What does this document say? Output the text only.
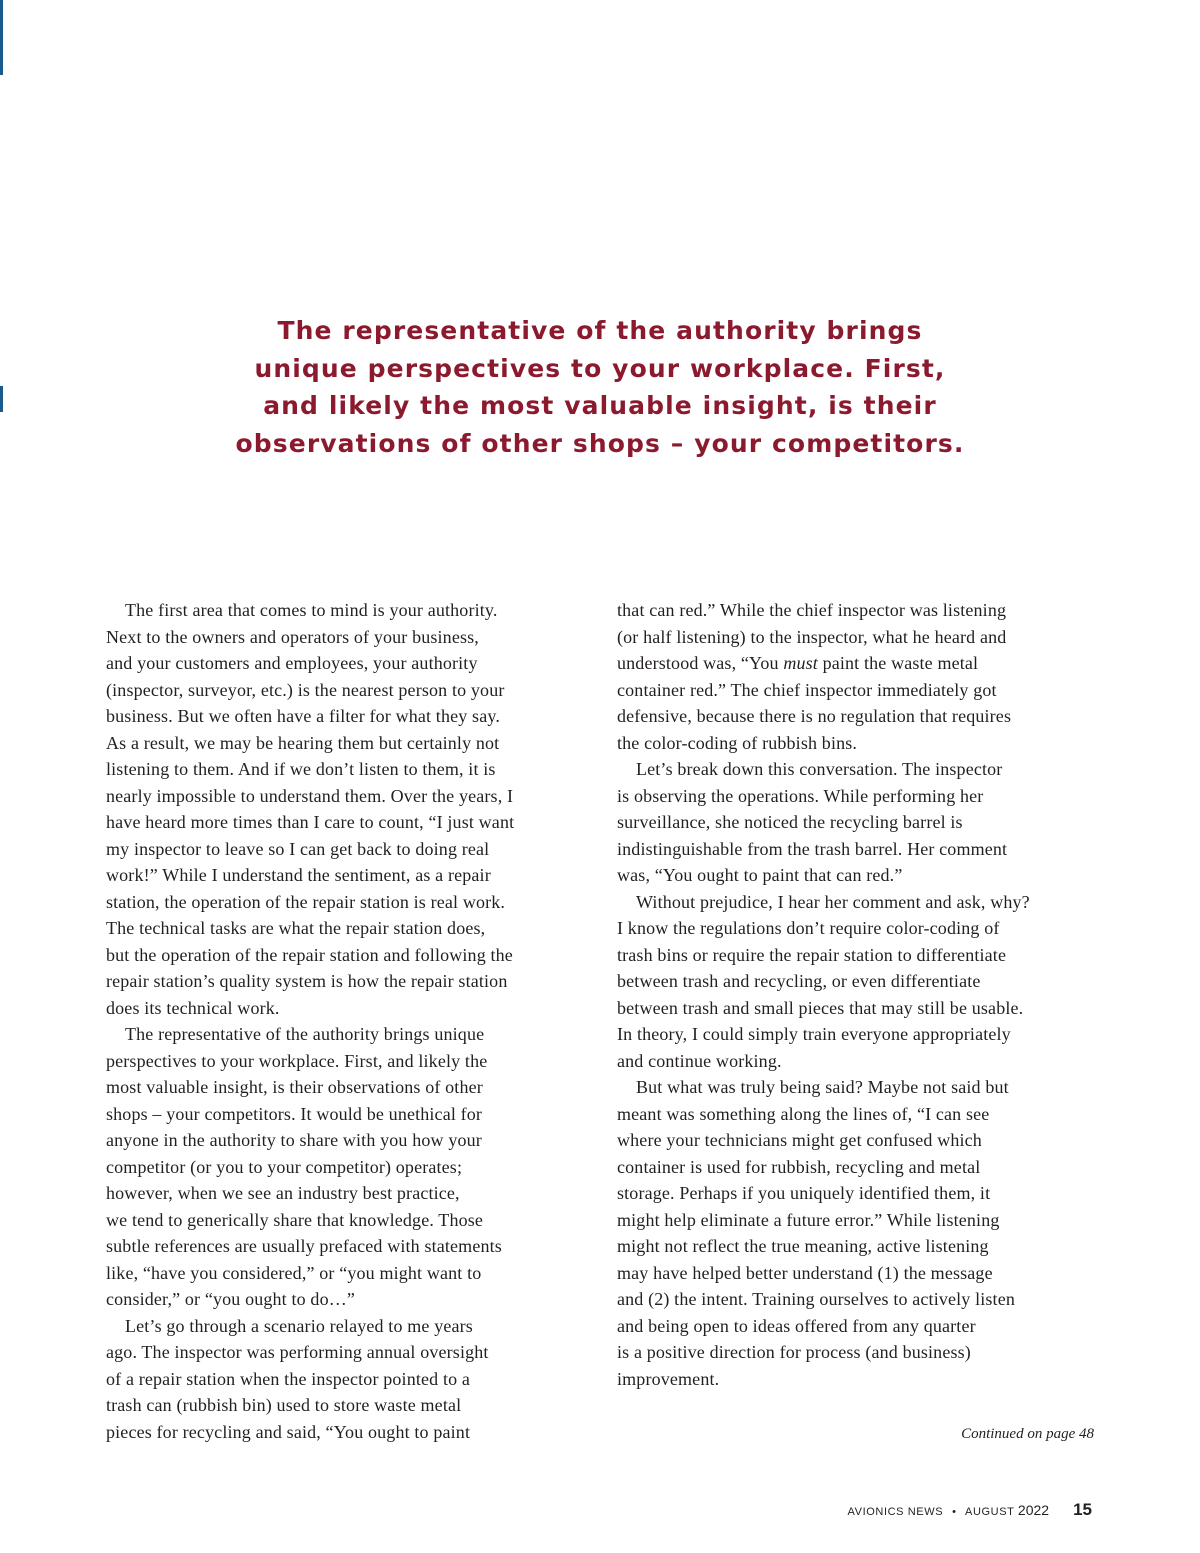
The representative of the authority brings
unique perspectives to your workplace. First,
and likely the most valuable insight, is their
observations of other shops – your competitors.

The first area that comes to mind is your authority.
Next to the owners and operators of your business,
and your customers and employees, your authority
(inspector, surveyor, etc.) is the nearest person to your
business. But we often have a filter for what they say.
As a result, we may be hearing them but certainly not
listening to them. And if we don’t listen to them, it is
nearly impossible to understand them. Over the years, I
have heard more times than I care to count, “I just want
my inspector to leave so I can get back to doing real
work!” While I understand the sentiment, as a repair
station, the operation of the repair station is real work.
The technical tasks are what the repair station does,
but the operation of the repair station and following the
repair station’s quality system is how the repair station
does its technical work.

The representative of the authority brings unique
perspectives to your workplace. First, and likely the
most valuable insight, is their observations of other
shops – your competitors. It would be unethical for
anyone in the authority to share with you how your
competitor (or you to your competitor) operates;
however, when we see an industry best practice,
we tend to generically share that knowledge. Those
subtle references are usually prefaced with statements
like, “have you considered,” or “you might want to
consider,” or “you ought to do…”

Let’s go through a scenario relayed to me years
ago. The inspector was performing annual oversight
of a repair station when the inspector pointed to a
trash can (rubbish bin) used to store waste metal
pieces for recycling and said, “You ought to paint

that can red.” While the chief inspector was listening
(or half listening) to the inspector, what he heard and
understood was, “You must paint the waste metal
container red.” The chief inspector immediately got
defensive, because there is no regulation that requires
the color-coding of rubbish bins.

Let’s break down this conversation. The inspector
is observing the operations. While performing her
surveillance, she noticed the recycling barrel is
indistinguishable from the trash barrel. Her comment
was, “You ought to paint that can red.”

Without prejudice, I hear her comment and ask, why?
I know the regulations don’t require color-coding of
trash bins or require the repair station to differentiate
between trash and recycling, or even differentiate
between trash and small pieces that may still be usable.
In theory, I could simply train everyone appropriately
and continue working.

But what was truly being said? Maybe not said but
meant was something along the lines of, “I can see
where your technicians might get confused which
container is used for rubbish, recycling and metal
storage. Perhaps if you uniquely identified them, it
might help eliminate a future error.” While listening
might not reflect the true meaning, active listening
may have helped better understand (1) the message
and (2) the intent. Training ourselves to actively listen
and being open to ideas offered from any quarter
is a positive direction for process (and business)
improvement.

Continued on page 48
AVIONICS NEWS • AUGUST 2022 15
